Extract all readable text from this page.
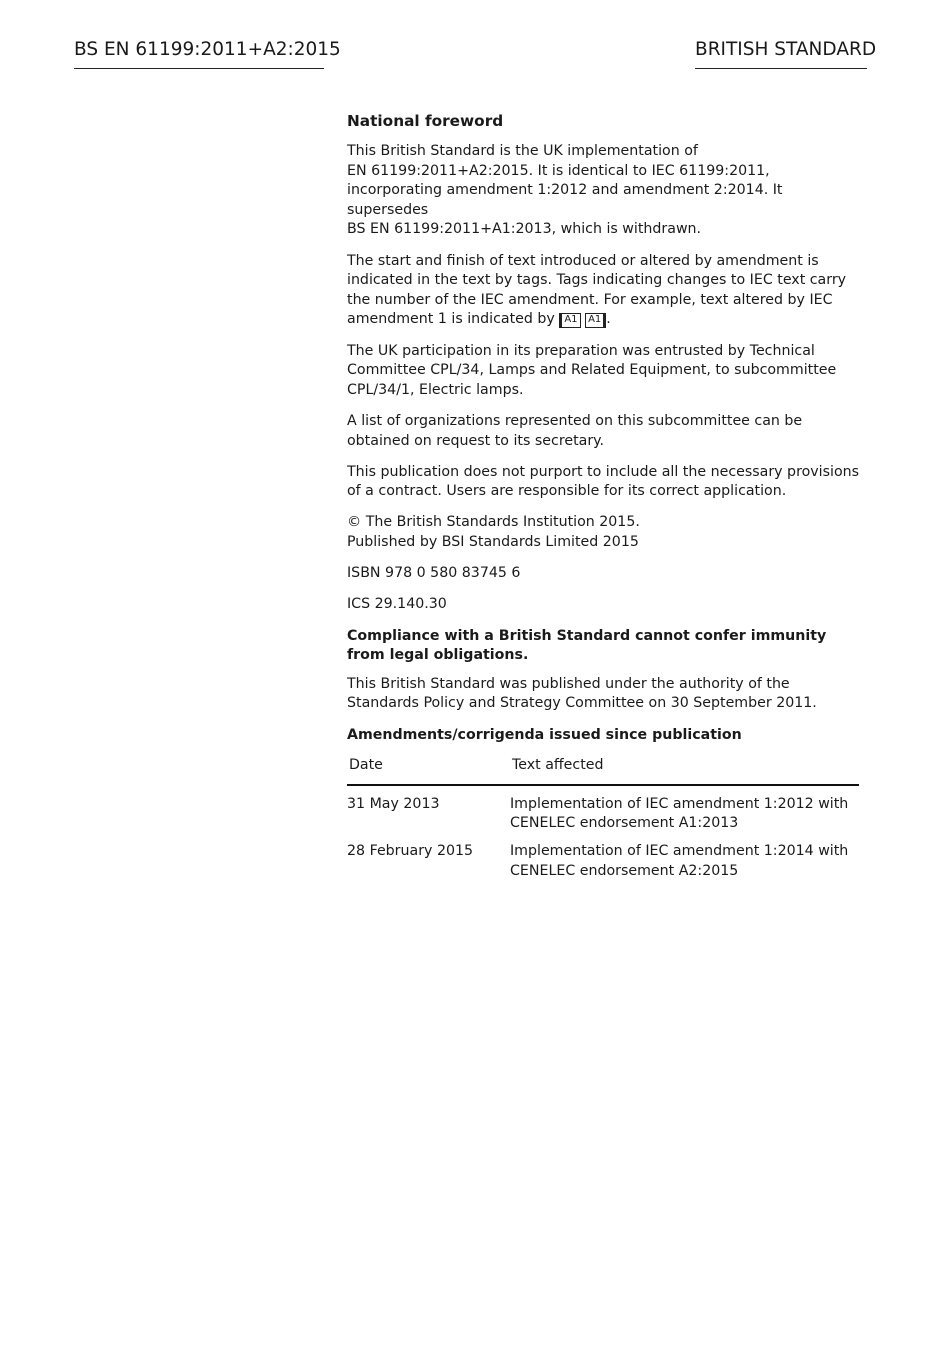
BS EN 61199:2011+A2:2015	BRITISH STANDARD
National foreword

This British Standard is the UK implementation of
EN 61199:2011+A2:2015. It is identical to IEC 61199:2011, incorporating amendment 1:2012 and amendment 2:2014. It supersedes
BS EN 61199:2011+A1:2013, which is withdrawn.

The start and finish of text introduced or altered by amendment is indicated in the text by tags. Tags indicating changes to IEC text carry the number of the IEC amendment. For example, text altered by IEC amendment 1 is indicated by A1 A1 .

The UK participation in its preparation was entrusted by Technical Committee CPL/34, Lamps and Related Equipment, to subcommittee CPL/34/1, Electric lamps.

A list of organizations represented on this subcommittee can be obtained on request to its secretary.

This publication does not purport to include all the necessary provisions of a contract. Users are responsible for its correct application.

© The British Standards Institution 2015.
Published by BSI Standards Limited 2015

ISBN 978 0 580 83745 6

ICS 29.140.30

Compliance with a British Standard cannot confer immunity from legal obligations.

This British Standard was published under the authority of the Standards Policy and Strategy Committee on 30 September 2011.

Amendments/corrigenda issued since publication
Date	Text affected
31 May 2013	Implementation of IEC amendment 1:2012 with
CENELEC endorsement A1:2013
28 February 2015	Implementation of IEC amendment 1:2014 with
CENELEC endorsement A2:2015
